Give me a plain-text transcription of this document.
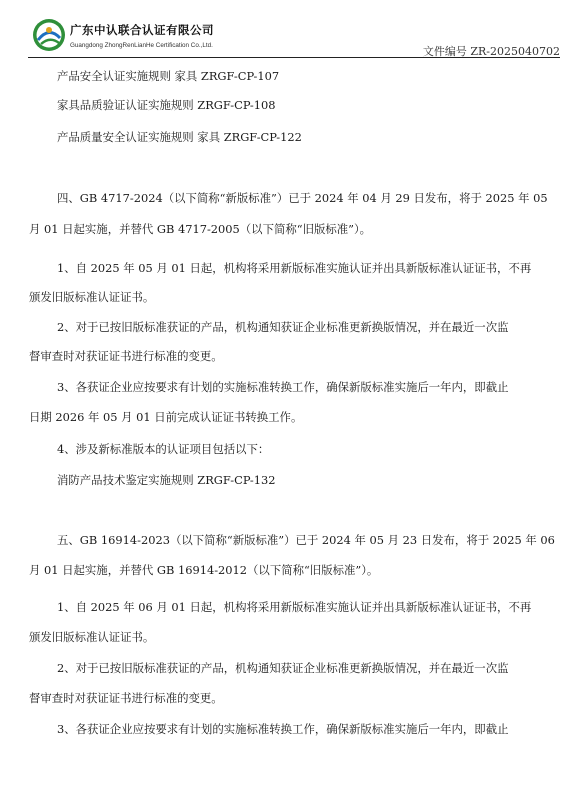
广东中认联合认证有限公司
Guangdong ZhongRenLianHe Certification Co.,Ltd.	文件编号 ZR-2025040702
产品安全认证实施规则 家具 ZRGF-CP-107
家具品质验证认证实施规则 ZRGF-CP-108
产品质量安全认证实施规则 家具 ZRGF-CP-122
四、GB 4717-2024（以下简称“新版标准”）已于 2024 年 04 月 29 日发布，将于 2025 年 05
月 01 日起实施，并替代 GB 4717-2005（以下简称“旧版标准”）。
1、自 2025 年 05 月 01 日起，机构将采用新版标准实施认证并出具新版标准认证证书，不再
颁发旧版标准认证证书。
2、对于已按旧版标准获证的产品，机构通知获证企业标准更新换版情况，并在最近一次监
督审查时对获证证书进行标准的变更。
3、各获证企业应按要求有计划的实施标准转换工作，确保新版标准实施后一年内，即截止
日期 2026 年 05 月 01 日前完成认证证书转换工作。
4、涉及新标准版本的认证项目包括以下：
消防产品技术鉴定实施规则 ZRGF-CP-132
五、GB 16914-2023（以下简称“新版标准”）已于 2024 年 05 月 23 日发布，将于 2025 年 06
月 01 日起实施，并替代 GB 16914-2012（以下简称“旧版标准”）。
1、自 2025 年 06 月 01 日起，机构将采用新版标准实施认证并出具新版标准认证证书，不再
颁发旧版标准认证证书。
2、对于已按旧版标准获证的产品，机构通知获证企业标准更新换版情况，并在最近一次监
督审查时对获证证书进行标准的变更。
3、各获证企业应按要求有计划的实施标准转换工作，确保新版标准实施后一年内，即截止
